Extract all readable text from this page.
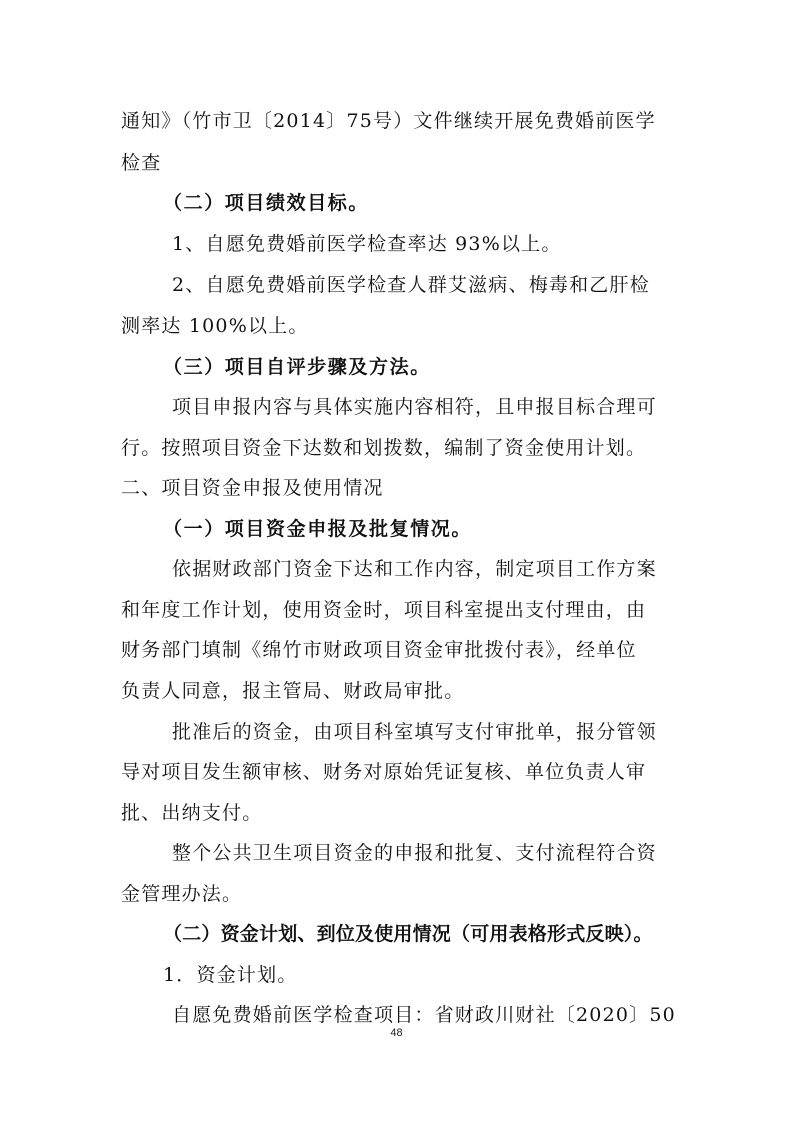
通知》（竹市卫〔2014〕75号）文件继续开展免费婚前医学
检查
（二）项目绩效目标。
1、自愿免费婚前医学检查率达 93%以上。
2、自愿免费婚前医学检查人群艾滋病、梅毒和乙肝检
测率达 100%以上。
（三）项目自评步骤及方法。
项目申报内容与具体实施内容相符，且申报目标合理可
行。按照项目资金下达数和划拨数，编制了资金使用计划。
二、项目资金申报及使用情况
（一）项目资金申报及批复情况。
依据财政部门资金下达和工作内容，制定项目工作方案
和年度工作计划，使用资金时，项目科室提出支付理由，由
财务部门填制《绵竹市财政项目资金审批拨付表》，经单位
负责人同意，报主管局、财政局审批。
批准后的资金，由项目科室填写支付审批单，报分管领
导对项目发生额审核、财务对原始凭证复核、单位负责人审
批、出纳支付。
整个公共卫生项目资金的申报和批复、支付流程符合资
金管理办法。
（二）资金计划、到位及使用情况（可用表格形式反映）。
1．资金计划。
自愿免费婚前医学检查项目：省财政川财社〔2020〕50
48
